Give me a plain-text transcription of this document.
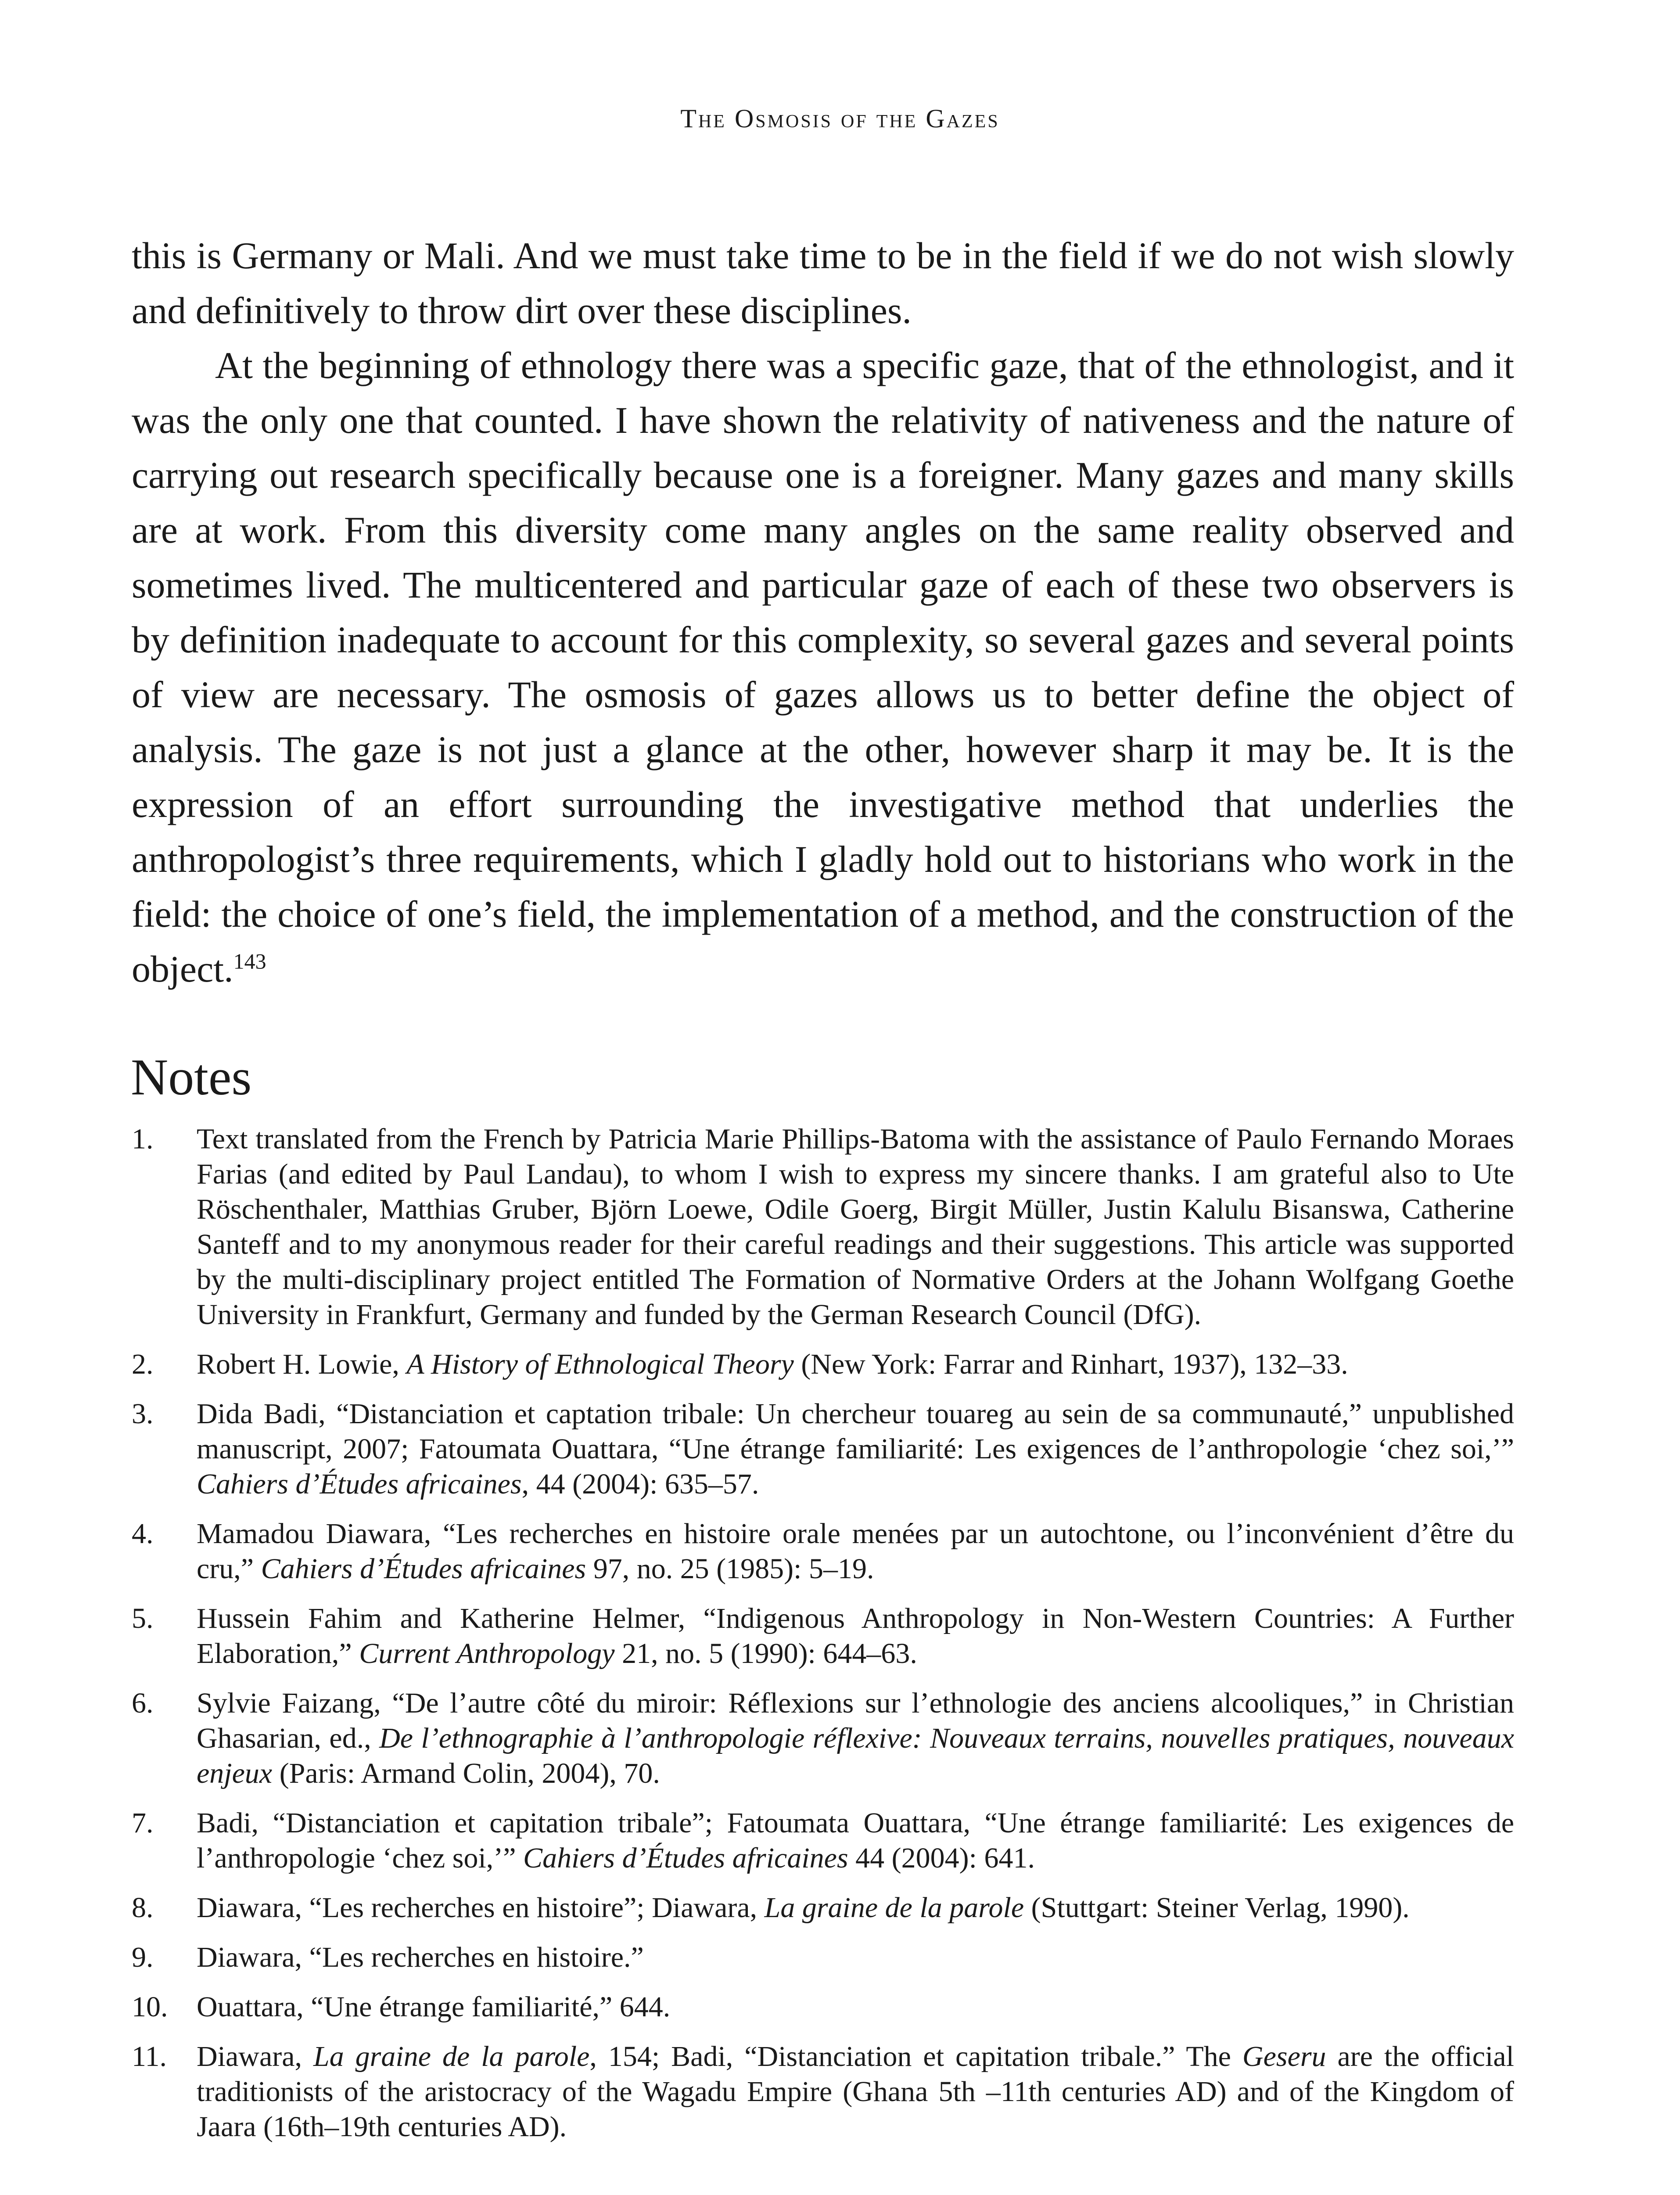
The Osmosis of the Gazes

this is Germany or Mali. And we must take time to be in the field if we do not wish slowly and definitively to throw dirt over these disciplines.

At the beginning of ethnology there was a specific gaze, that of the ethnologist, and it was the only one that counted. I have shown the relativity of nativeness and the nature of carrying out research specifically because one is a foreigner. Many gazes and many skills are at work. From this diversity come many angles on the same reality observed and sometimes lived. The multicentered and particular gaze of each of these two observers is by definition inadequate to account for this complexity, so several gazes and several points of view are necessary. The osmosis of gazes allows us to better define the object of analysis. The gaze is not just a glance at the other, however sharp it may be. It is the expression of an effort surrounding the investigative method that underlies the anthropologist’s three requirements, which I gladly hold out to historians who work in the field: the choice of one’s field, the implementation of a method, and the construction of the object.$^{143}$

Notes
1.	Text translated from the French by Patricia Marie Phillips-Batoma with the assistance of Paulo Fernando Moraes Farias (and edited by Paul Landau), to whom I wish to express my sincere thanks. I am grateful also to Ute Röschenthaler, Matthias Gruber, Björn Loewe, Odile Goerg, Birgit Müller, Justin Kalulu Bisanswa, Catherine Santeff and to my anonymous reader for their careful readings and their suggestions. This article was supported by the multi-disciplinary project entitled The Formation of Normative Orders at the Johann Wolfgang Goethe University in Frankfurt, Germany and funded by the German Research Council (DfG).
2.	Robert H. Lowie, A History of Ethnological Theory (New York: Farrar and Rinhart, 1937), 132–33.
3.	Dida Badi, “Distanciation et captation tribale: Un chercheur touareg au sein de sa communauté,” unpublished manuscript, 2007; Fatoumata Ouattara, “Une étrange familiarité: Les exigences de l’anthropologie ‘chez soi,’” Cahiers d’Études africaines, 44 (2004): 635–57.
4.	Mamadou Diawara, “Les recherches en histoire orale menées par un autochtone, ou l’inconvénient d’être du cru,” Cahiers d’Études africaines 97, no. 25 (1985): 5–19.
5.	Hussein Fahim and Katherine Helmer, “Indigenous Anthropology in Non-Western Countries: A Further Elaboration,” Current Anthropology 21, no. 5 (1990): 644–63.
6.	Sylvie Faizang, “De l’autre côté du miroir: Réflexions sur l’ethnologie des anciens alcooliques,” in Christian Ghasarian, ed., De l’ethnographie à l’anthropologie réflexive: Nouveaux terrains, nouvelles pratiques, nouveaux enjeux (Paris: Armand Colin, 2004), 70.
7.	Badi, “Distanciation et capitation tribale”; Fatoumata Ouattara, “Une étrange familiarité: Les exigences de l’anthropologie ‘chez soi,’” Cahiers d’Études africaines 44 (2004): 641.
8.	Diawara, “Les recherches en histoire”; Diawara, La graine de la parole (Stuttgart: Steiner Verlag, 1990).
9.	Diawara, “Les recherches en histoire.”
10. Ouattara, “Une étrange familiarité,” 644.
11.	Diawara, La graine de la parole, 154; Badi, “Distanciation et capitation tribale.” The Geseru are the official traditionists of the aristocracy of the Wagadu Empire (Ghana 5th –11th centuries AD) and of the Kingdom of Jaara (16th–19th centuries AD).
